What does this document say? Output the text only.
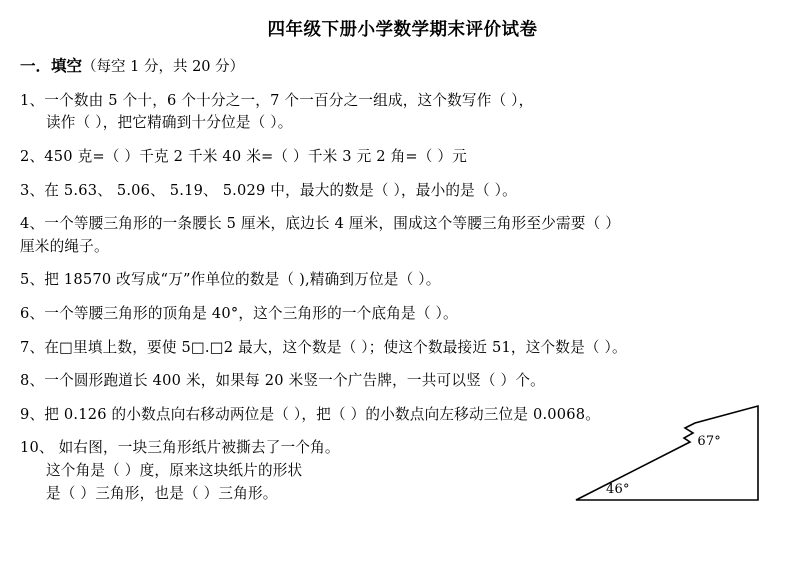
四年级下册小学数学期末评价试卷
一．填空（每空 1 分，共 20 分）
1、一个数由 5 个十，6 个十分之一，7 个一百分之一组成，这个数写作（ ），
读作（ ），把它精确到十分位是（ ）。
2、450 克=（ ）千克 2 千米 40 米=（ ）千米 3 元 2 角=（ ）元
3、在 5.63、 5.06、 5.19、 5.029 中，最大的数是（ ），最小的是（ ）。
4、一个等腰三角形的一条腰长 5 厘米，底边长 4 厘米，围成这个等腰三角形至少需要（ ）
厘米的绳子。
5、把 18570 改写成“万”作单位的数是（ ),精确到万位是（ ）。
6、一个等腰三角形的顶角是 40°，这个三角形的一个底角是（ ）。
7、在□里填上数，要使 5□.□2 最大，这个数是（ ）；使这个数最接近 51，这个数是（ ）。
8、一个圆形跑道长 400 米，如果每 20 米竖一个广告牌，一共可以竖（ ）个。
9、把 0.126 的小数点向右移动两位是（ ），把（ ）的小数点向左移动三位是 0.0068。
10、 如右图，一块三角形纸片被撕去了一个角。
这个角是（ ）度，原来这块纸片的形状
是（ ）三角形，也是（ ）三角形。
67°
46°
